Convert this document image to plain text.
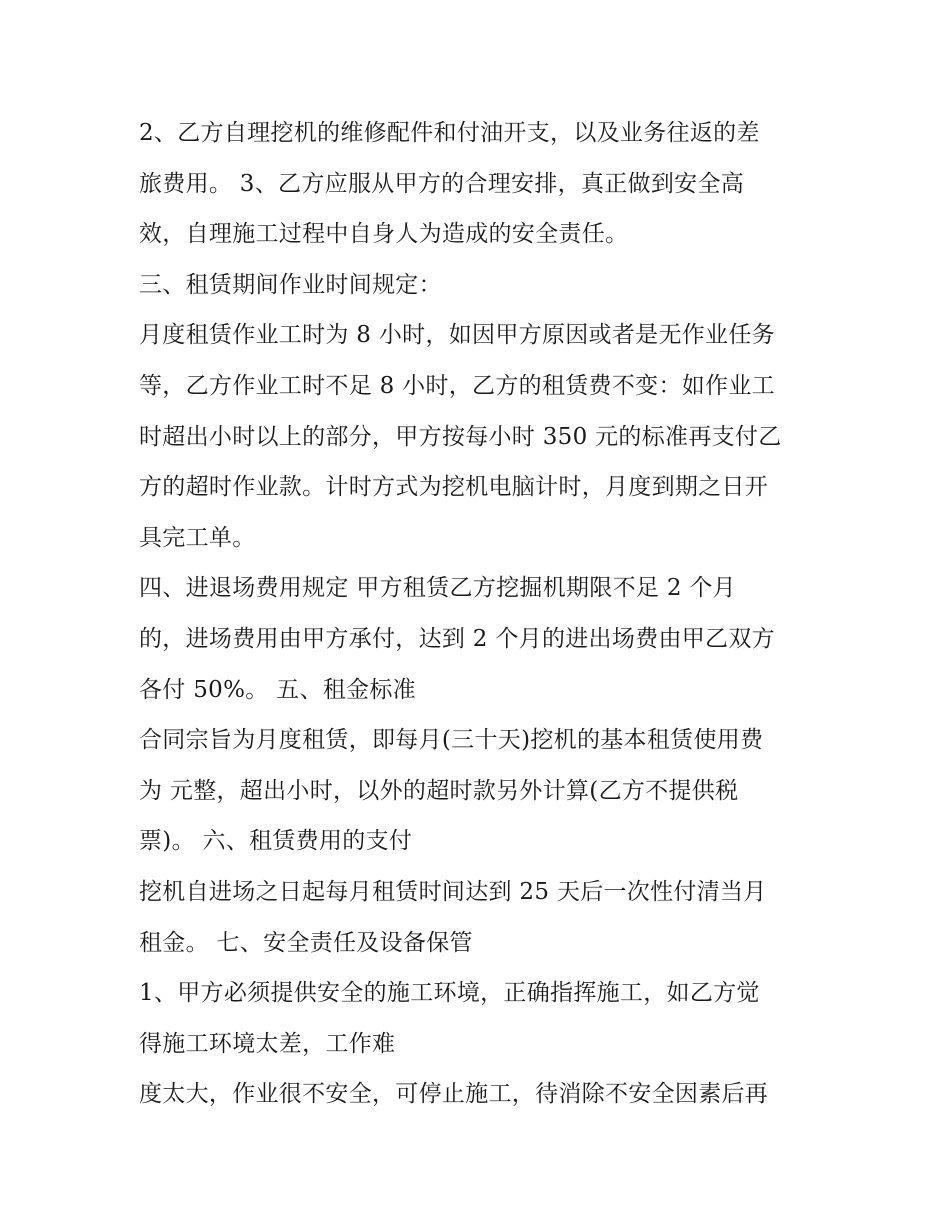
2、乙方自理挖机的维修配件和付油开支，以及业务往返的差
旅费用。 3、乙方应服从甲方的合理安排，真正做到安全高
效，自理施工过程中自身人为造成的安全责任。
三、租赁期间作业时间规定：
月度租赁作业工时为 8 小时，如因甲方原因或者是无作业任务
等，乙方作业工时不足 8 小时，乙方的租赁费不变：如作业工
时超出小时以上的部分，甲方按每小时 350 元的标准再支付乙
方的超时作业款。计时方式为挖机电脑计时，月度到期之日开
具完工单。
四、进退场费用规定 甲方租赁乙方挖掘机期限不足 2 个月
的，进场费用由甲方承付，达到 2 个月的进出场费由甲乙双方
各付 50%。 五、租金标准
合同宗旨为月度租赁，即每月(三十天)挖机的基本租赁使用费
为 元整，超出小时，以外的超时款另外计算(乙方不提供税
票)。 六、租赁费用的支付
挖机自进场之日起每月租赁时间达到 25 天后一次性付清当月
租金。 七、安全责任及设备保管
1、甲方必须提供安全的施工环境，正确指挥施工，如乙方觉
得施工环境太差，工作难
度太大，作业很不安全，可停止施工，待消除不安全因素后再
